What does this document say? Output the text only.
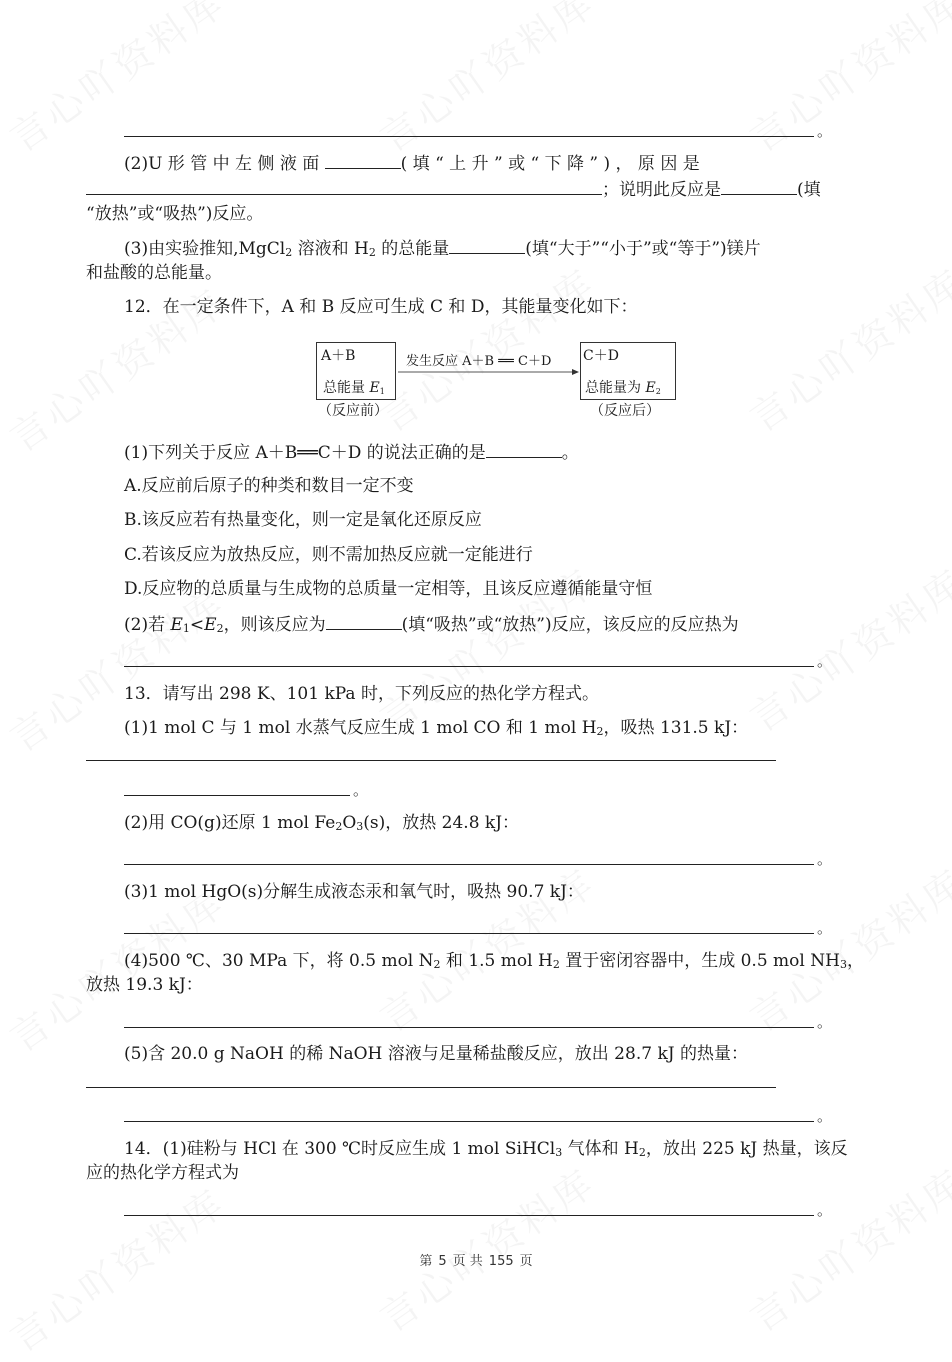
。
(2)U 形 管 中 左 侧 液 面	( 填 “ 上 升 ” 或 “ 下 降 ” ) ， 原 因 是
；说明此反应是	(填
“放热”或“吸热”)反应。
(3)由实验推知,MgCl$_2$ 溶液和 $H_2$ 的总能量	(填“大于”“小于”或“等于”)镁片
和盐酸的总能量。
12．在一定条件下，A 和 B 反应可生成 C 和 D，其能量变化如下：
A＋B
总能量 $E_1$
（反应前）
发生反应 A＋B ══ C＋D C＋D
总能量为 $E_2$
（反应后）
(1)下列关于反应 A＋B══C＋D 的说法正确的是	。
A.反应前后原子的种类和数目一定不变
B.该反应若有热量变化，则一定是氧化还原反应
C.若该反应为放热反应，则不需加热反应就一定能进行
D.反应物的总质量与生成物的总质量一定相等，且该反应遵循能量守恒
(2)若 $E_1<E_2$，则该反应为	(填“吸热”或“放热”)反应，该反应的反应热为
。
13．请写出 298 K、101 kPa 时，下列反应的热化学方程式。
(1)1 mol C 与 1 mol 水蒸气反应生成 1 mol CO 和 1 mol $H_2$，吸热 131.5 kJ：
。
(2)用 CO(g)还原 1 mol $Fe_2O_3(s)$，放热 24.8 kJ：
。
(3)1 mol HgO(s)分解生成液态汞和氧气时，吸热 90.7 kJ：
。
(4)500 ℃、30 MPa 下，将 0.5 mol $N_2$ 和 1.5 mol $H_2$ 置于密闭容器中，生成 0.5 mol $NH_3$，
放热 19.3 kJ：
。
(5)含 20.0 g NaOH 的稀 NaOH 溶液与足量稀盐酸反应，放出 28.7 kJ 的热量：
。
14．(1)硅粉与 HCl 在 300 ℃时反应生成 1 mol SiHCl$_3$ 气体和 $H_2$，放出 225 kJ 热量，该反
应的热化学方程式为
。
第 5 页 共 155 页
